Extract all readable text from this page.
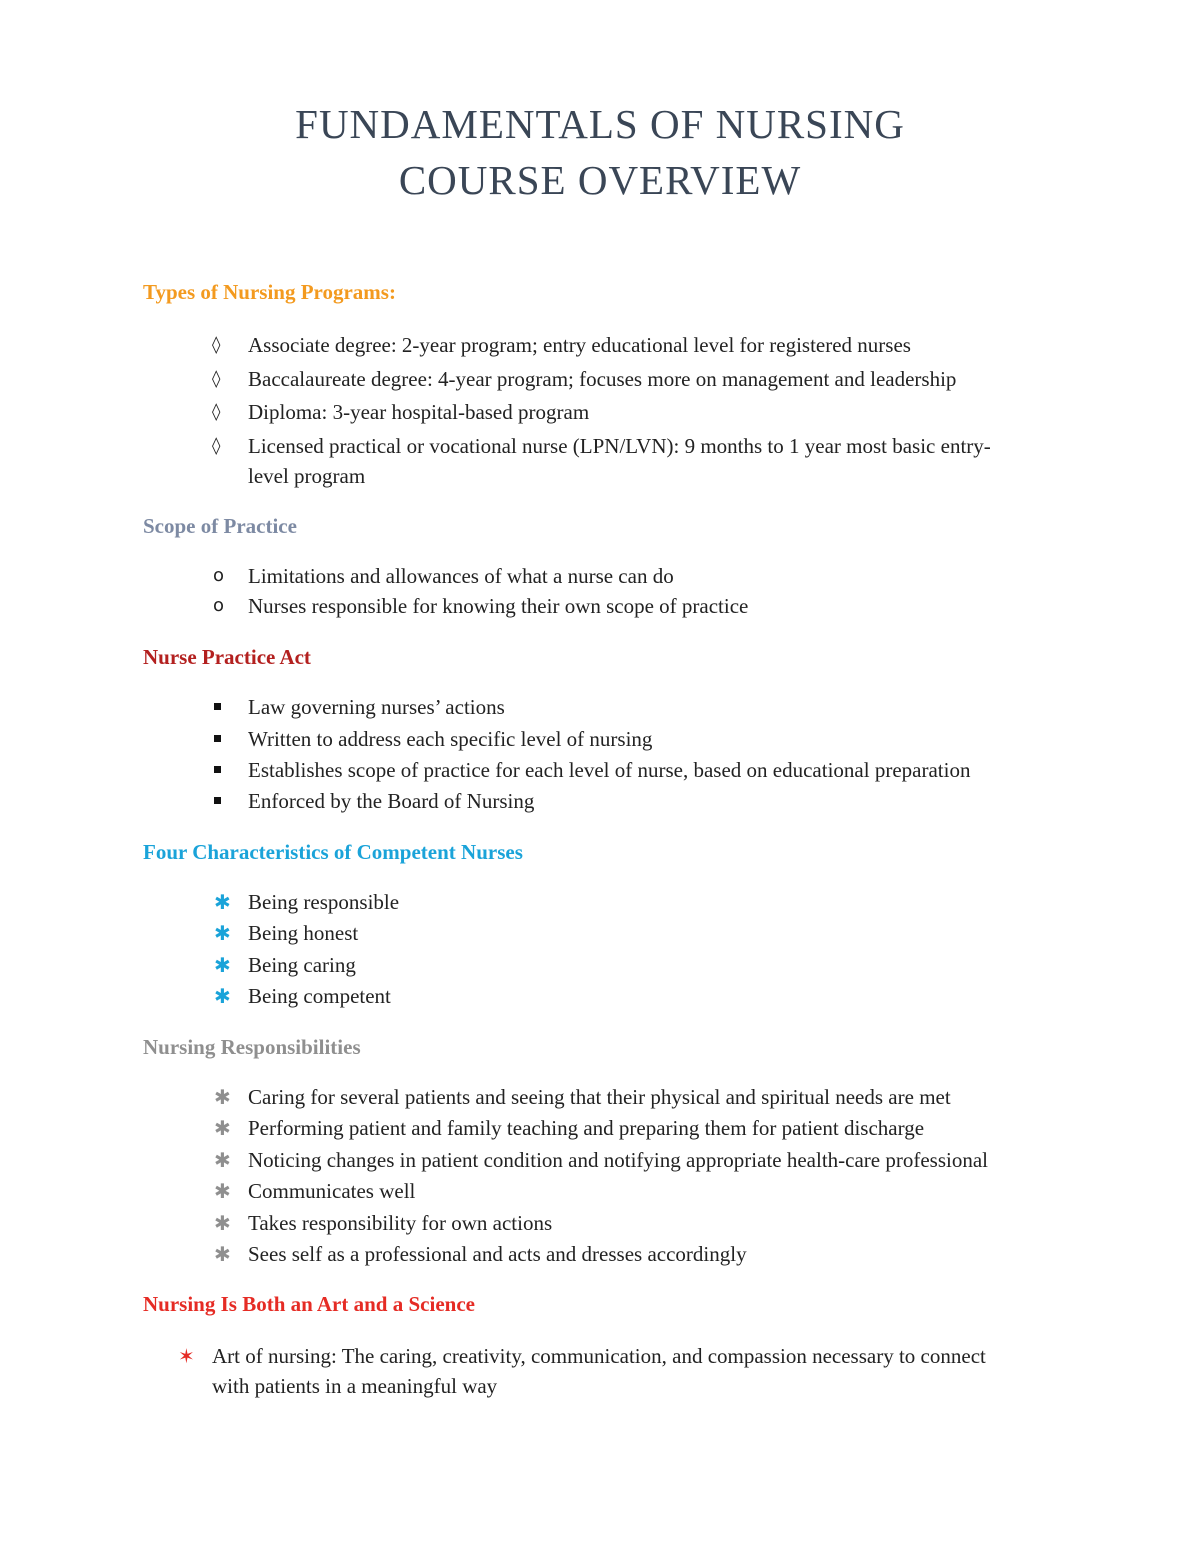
FUNDAMENTALS OF NURSING
COURSE OVERVIEW
Types of Nursing Programs:
◊ Associate degree: 2-year program; entry educational level for registered nurses
◊ Baccalaureate degree: 4-year program; focuses more on management and leadership
◊ Diploma: 3-year hospital-based program
◊ Licensed practical or vocational nurse (LPN/LVN): 9 months to 1 year most basic entry-
level program
Scope of Practice
o Limitations and allowances of what a nurse can do
o Nurses responsible for knowing their own scope of practice
Nurse Practice Act
Law governing nurses’ actions
Written to address each specific level of nursing
Establishes scope of practice for each level of nurse, based on educational preparation
Enforced by the Board of Nursing
Four Characteristics of Competent Nurses
✱ Being responsible
✱ Being honest
✱ Being caring
✱ Being competent
Nursing Responsibilities
✱ Caring for several patients and seeing that their physical and spiritual needs are met
✱ Performing patient and family teaching and preparing them for patient discharge
✱ Noticing changes in patient condition and notifying appropriate health-care professional
✱ Communicates well
✱ Takes responsibility for own actions
✱ Sees self as a professional and acts and dresses accordingly
Nursing Is Both an Art and a Science
✶ Art of nursing: The caring, creativity, communication, and compassion necessary to connect
with patients in a meaningful way
